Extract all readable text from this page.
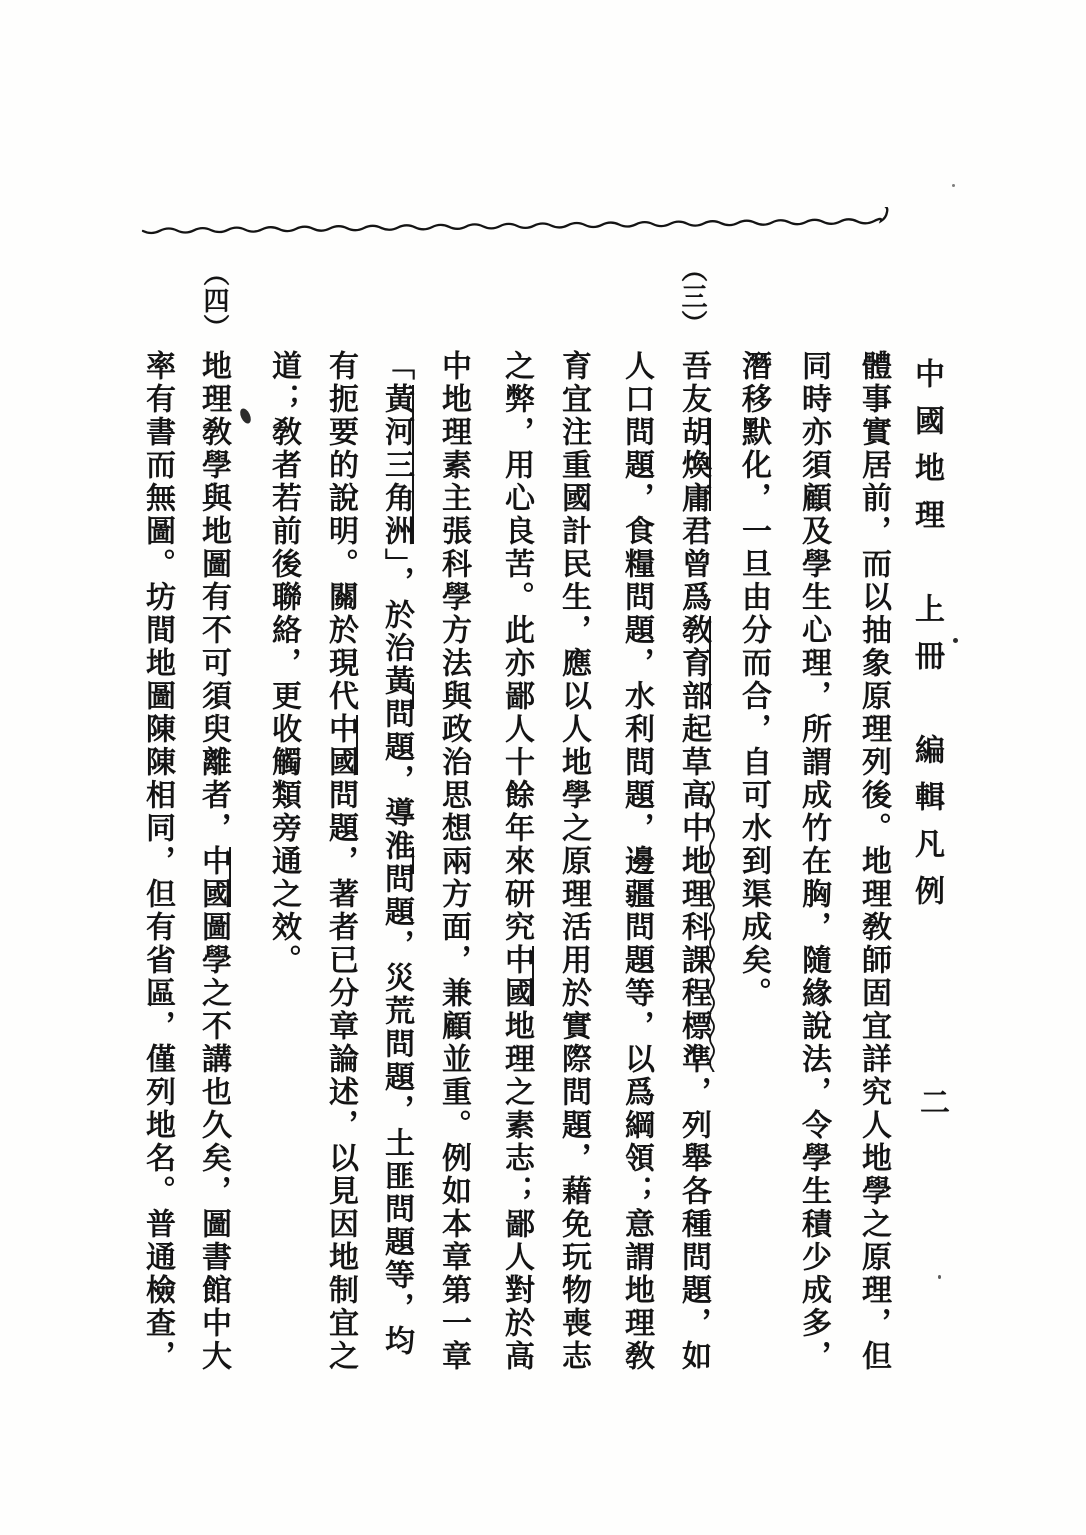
中國地理　上冊　編輯凡例
二
體事實居前，而以抽象原理列後。地理敎師固宜詳究人地學之原理，但
同時亦須顧及學生心理，所謂成竹在胸，隨緣說法，令學生積少成多，
潛移默化，一旦由分而合，自可水到渠成矣。
（三）
吾友胡煥庸君曾爲敎育部起草高中地理科課程標準，列舉各種問題，如
人口問題，食糧問題，水利問題，邊疆問題等，以爲綱領；意謂地理敎
育宜注重國計民生，應以人地學之原理活用於實際問題，藉免玩物喪志
之弊，用心良苦。此亦鄙人十餘年來研究中國地理之素志；鄙人對於高
中地理素主張科學方法與政治思想兩方面，兼顧並重。例如本章第一章
「黃河三角洲」，於治黃問題，導淮問題，災荒問題，土匪問題等，均
有扼要的說明。關於現代中國問題，著者已分章論述，以見因地制宜之
道；敎者若前後聯絡，更收觸類旁通之效。
（四）
地理敎學與地圖有不可須臾離者，中國圖學之不講也久矣，圖書館中大
率有書而無圖。坊間地圖陳陳相同，但有省區，僅列地名。普通檢查，
